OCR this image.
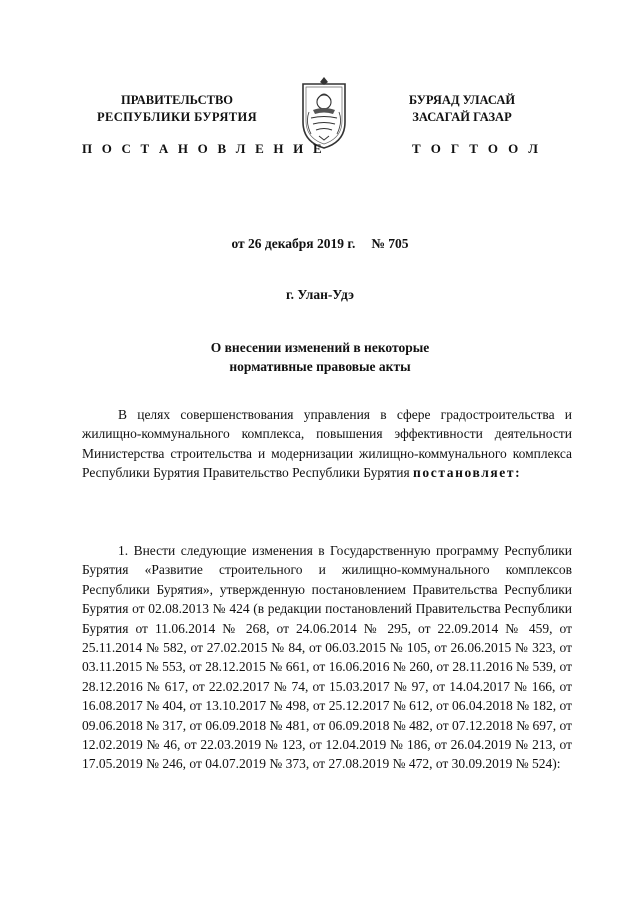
ПРАВИТЕЛЬСТВО
РЕСПУБЛИКИ БУРЯТИЯ
БУРЯАД УЛАСАЙ
ЗАСАГАЙ ГАЗАР
П О С Т А Н О В Л Е Н И Е	Т О Г Т О О Л
от 26 декабря 2019 г. № 705
г. Улан-Удэ
О внесении изменений в некоторые
нормативные правовые акты
В целях совершенствования управления в сфере градостроительства и жилищно-коммунального комплекса, повышения эффективности деятельности Министерства строительства и модернизации жилищно-коммунального комплекса Республики Бурятия Правительство Республики Бурятия постановляет:
1. Внести следующие изменения в Государственную программу Республики Бурятия «Развитие строительного и жилищно-коммунального комплексов Республики Бурятия», утвержденную постановлением Правительства Республики Бурятия от 02.08.2013 № 424 (в редакции постановлений Правительства Республики Бурятия от 11.06.2014 № 268, от 24.06.2014 № 295, от 22.09.2014 № 459, от 25.11.2014 № 582, от 27.02.2015 № 84, от 06.03.2015 № 105, от 26.06.2015 № 323, от 03.11.2015 № 553, от 28.12.2015 № 661, от 16.06.2016 № 260, от 28.11.2016 № 539, от 28.12.2016 № 617, от 22.02.2017 № 74, от 15.03.2017 № 97, от 14.04.2017 № 166, от 16.08.2017 № 404, от 13.10.2017 № 498, от 25.12.2017 № 612, от 06.04.2018 № 182, от 09.06.2018 № 317, от 06.09.2018 № 481, от 06.09.2018 № 482, от 07.12.2018 № 697, от 12.02.2019 № 46, от 22.03.2019 № 123, от 12.04.2019 № 186, от 26.04.2019 № 213, от 17.05.2019 № 246, от 04.07.2019 № 373, от 27.08.2019 № 472, от 30.09.2019 № 524):
